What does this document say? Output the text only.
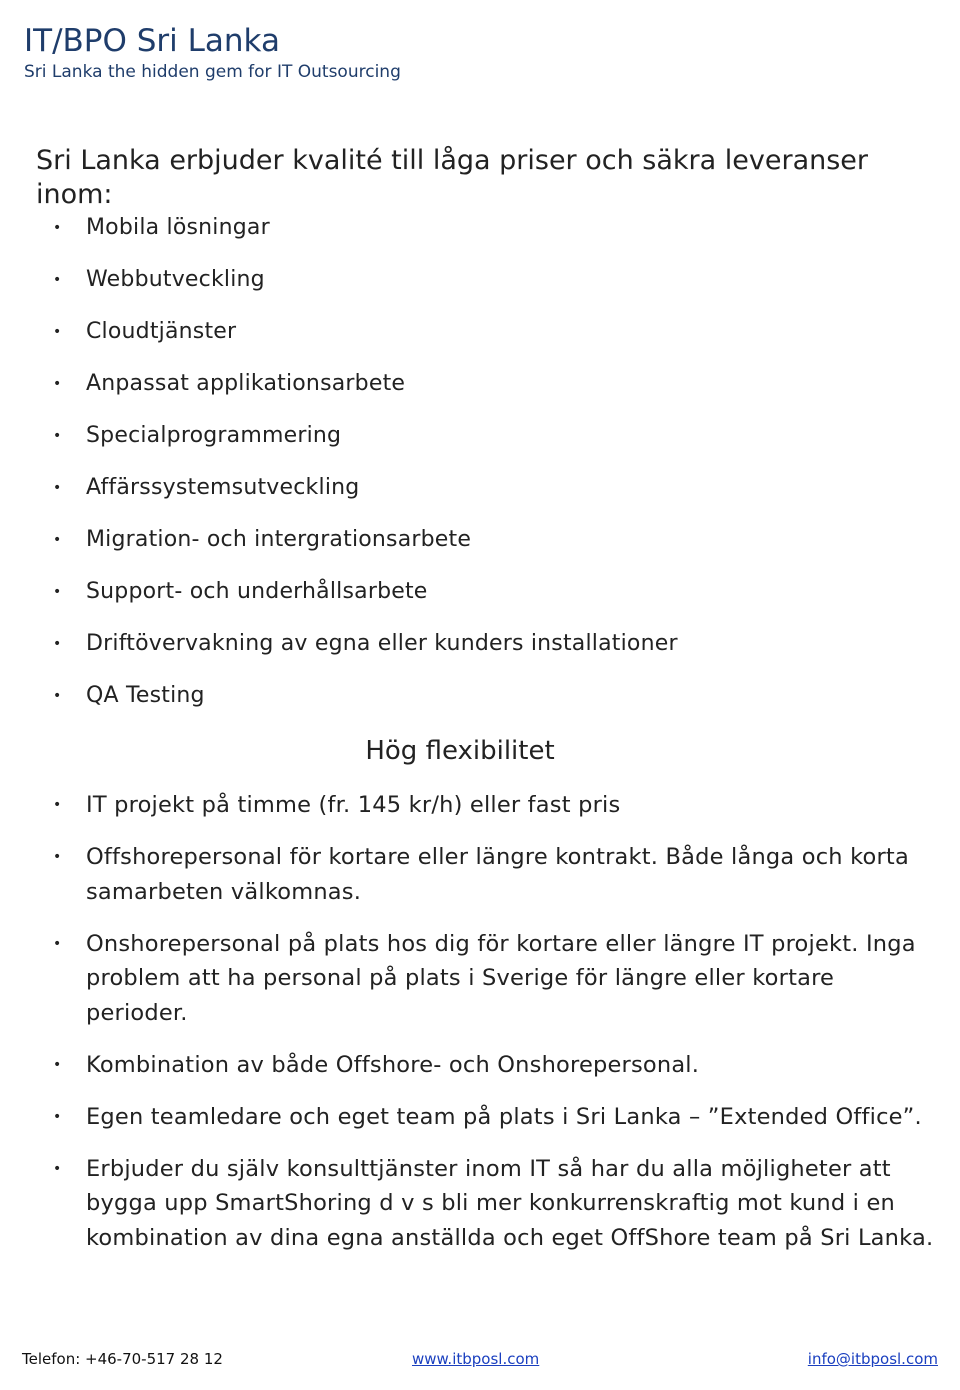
IT/BPO Sri Lanka
Sri Lanka the hidden gem for IT Outsourcing
Sri Lanka erbjuder kvalité till låga priser och säkra leveranser inom:
• Mobila lösningar
• Webbutveckling
• Cloudtjänster
• Anpassat applikationsarbete
• Specialprogrammering
• Affärssystemsutveckling
• Migration- och intergrationsarbete
• Support- och underhållsarbete
• Driftövervakning av egna eller kunders installationer
• QA Testing
Hög flexibilitet
• IT projekt på timme (fr. 145 kr/h) eller fast pris
• Offshorepersonal för kortare eller längre kontrakt. Både långa och korta samarbeten välkomnas.
• Onshorepersonal på plats hos dig för kortare eller längre IT projekt. Inga problem att ha personal på plats i Sverige för längre eller kortare perioder.
• Kombination av både Offshore- och Onshorepersonal.
• Egen teamledare och eget team på plats i Sri Lanka – ”Extended Office”.
• Erbjuder du själv konsulttjänster inom IT så har du alla möjligheter att bygga upp SmartShoring d v s bli mer konkurrenskraftig mot kund i en kombination av dina egna anställda och eget OffShore team på Sri Lanka.
Telefon: +46-70-517 28 12	www.itbposl.com	info@itbposl.com
